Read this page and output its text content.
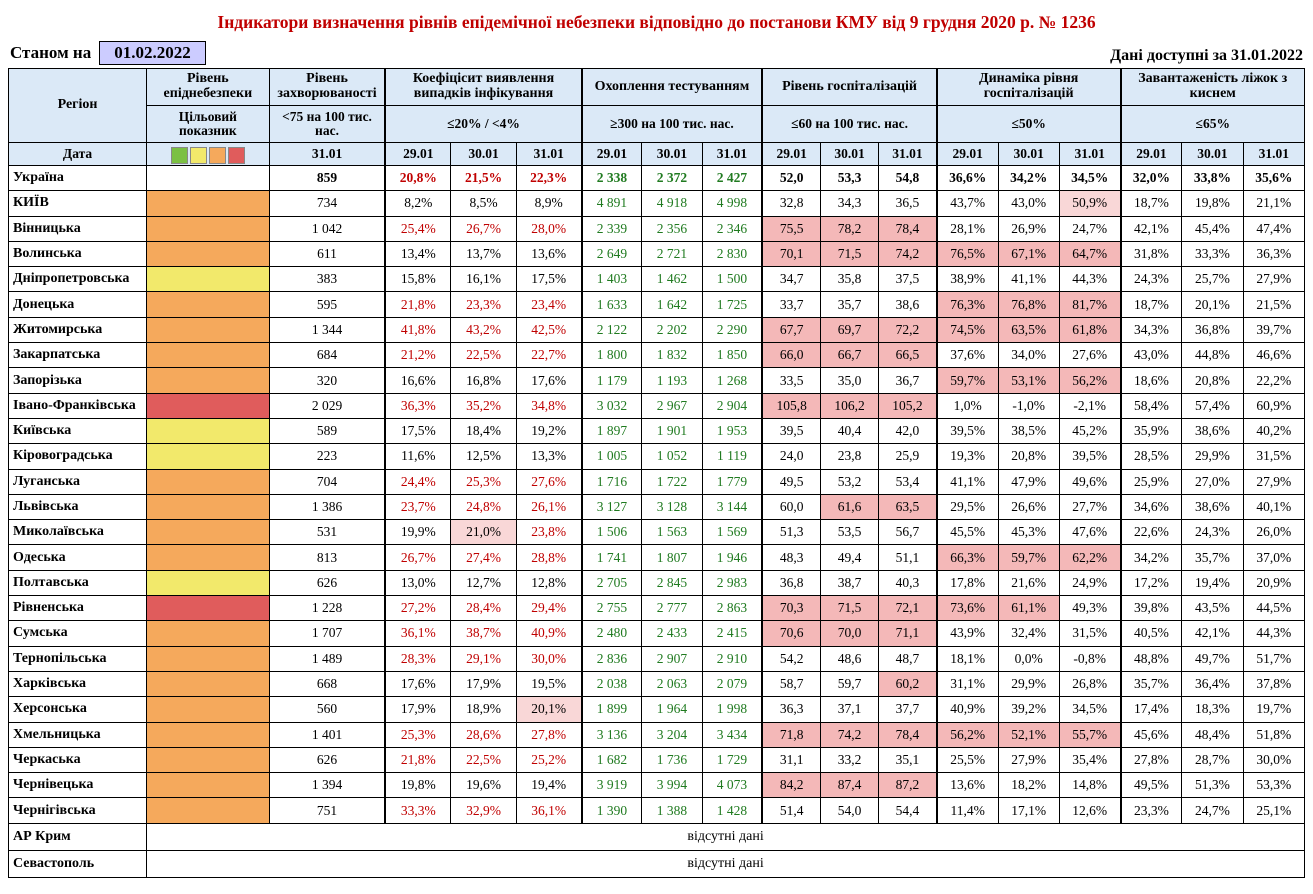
Індикатори визначення рівнів епідемічної небезпеки відповідно до постанови КМУ від 9 грудня 2020 р. № 1236
Станом на	01.02.2022	Дані доступні за 31.01.2022
Регіон	Рівень епіднебезпеки	Рівень захворюваності	Коефіцісит виявлення випадків інфікування			Охоплення тестуванням			Рівень госпіталізацій			Динаміка рівня госпіталізацій			Завантаженість ліжок з киснем		
	Цільовий показник	<75 на 100 тис. нас.	≤20% / <4%			≥300 на 100 тис. нас.			≤60 на 100 тис. нас.			≤50%			≤65%		
Дата		31.01	29.01	30.01	31.01	29.01	30.01	31.01	29.01	30.01	31.01	29.01	30.01	31.01	29.01	30.01	31.01
Україна		859	20,8%	21,5%	22,3%	2 338	2 372	2 427	52,0	53,3	54,8	36,6%	34,2%	34,5%	32,0%	33,8%	35,6%
КИЇВ		734	8,2%	8,5%	8,9%	4 891	4 918	4 998	32,8	34,3	36,5	43,7%	43,0%	50,9%	18,7%	19,8%	21,1%
Вінницька		1 042	25,4%	26,7%	28,0%	2 339	2 356	2 346	75,5	78,2	78,4	28,1%	26,9%	24,7%	42,1%	45,4%	47,4%
Волинська		611	13,4%	13,7%	13,6%	2 649	2 721	2 830	70,1	71,5	74,2	76,5%	67,1%	64,7%	31,8%	33,3%	36,3%
Дніпропетровська		383	15,8%	16,1%	17,5%	1 403	1 462	1 500	34,7	35,8	37,5	38,9%	41,1%	44,3%	24,3%	25,7%	27,9%
Донецька		595	21,8%	23,3%	23,4%	1 633	1 642	1 725	33,7	35,7	38,6	76,3%	76,8%	81,7%	18,7%	20,1%	21,5%
Житомирська		1 344	41,8%	43,2%	42,5%	2 122	2 202	2 290	67,7	69,7	72,2	74,5%	63,5%	61,8%	34,3%	36,8%	39,7%
Закарпатська		684	21,2%	22,5%	22,7%	1 800	1 832	1 850	66,0	66,7	66,5	37,6%	34,0%	27,6%	43,0%	44,8%	46,6%
Запорізька		320	16,6%	16,8%	17,6%	1 179	1 193	1 268	33,5	35,0	36,7	59,7%	53,1%	56,2%	18,6%	20,8%	22,2%
Івано-Франківська		2 029	36,3%	35,2%	34,8%	3 032	2 967	2 904	105,8	106,2	105,2	1,0%	-1,0%	-2,1%	58,4%	57,4%	60,9%
Київська		589	17,5%	18,4%	19,2%	1 897	1 901	1 953	39,5	40,4	42,0	39,5%	38,5%	45,2%	35,9%	38,6%	40,2%
Кіровоградська		223	11,6%	12,5%	13,3%	1 005	1 052	1 119	24,0	23,8	25,9	19,3%	20,8%	39,5%	28,5%	29,9%	31,5%
Луганська		704	24,4%	25,3%	27,6%	1 716	1 722	1 779	49,5	53,2	53,4	41,1%	47,9%	49,6%	25,9%	27,0%	27,9%
Львівська		1 386	23,7%	24,8%	26,1%	3 127	3 128	3 144	60,0	61,6	63,5	29,5%	26,6%	27,7%	34,6%	38,6%	40,1%
Миколаївська		531	19,9%	21,0%	23,8%	1 506	1 563	1 569	51,3	53,5	56,7	45,5%	45,3%	47,6%	22,6%	24,3%	26,0%
Одеська		813	26,7%	27,4%	28,8%	1 741	1 807	1 946	48,3	49,4	51,1	66,3%	59,7%	62,2%	34,2%	35,7%	37,0%
Полтавська		626	13,0%	12,7%	12,8%	2 705	2 845	2 983	36,8	38,7	40,3	17,8%	21,6%	24,9%	17,2%	19,4%	20,9%
Рівненська		1 228	27,2%	28,4%	29,4%	2 755	2 777	2 863	70,3	71,5	72,1	73,6%	61,1%	49,3%	39,8%	43,5%	44,5%
Сумська		1 707	36,1%	38,7%	40,9%	2 480	2 433	2 415	70,6	70,0	71,1	43,9%	32,4%	31,5%	40,5%	42,1%	44,3%
Тернопільська		1 489	28,3%	29,1%	30,0%	2 836	2 907	2 910	54,2	48,6	48,7	18,1%	0,0%	-0,8%	48,8%	49,7%	51,7%
Харківська		668	17,6%	17,9%	19,5%	2 038	2 063	2 079	58,7	59,7	60,2	31,1%	29,9%	26,8%	35,7%	36,4%	37,8%
Херсонська		560	17,9%	18,9%	20,1%	1 899	1 964	1 998	36,3	37,1	37,7	40,9%	39,2%	34,5%	17,4%	18,3%	19,7%
Хмельницька		1 401	25,3%	28,6%	27,8%	3 136	3 204	3 434	71,8	74,2	78,4	56,2%	52,1%	55,7%	45,6%	48,4%	51,8%
Черкаська		626	21,8%	22,5%	25,2%	1 682	1 736	1 729	31,1	33,2	35,1	25,5%	27,9%	35,4%	27,8%	28,7%	30,0%
Чернівецька		1 394	19,8%	19,6%	19,4%	3 919	3 994	4 073	84,2	87,4	87,2	13,6%	18,2%	14,8%	49,5%	51,3%	53,3%
Чернігівська		751	33,3%	32,9%	36,1%	1 390	1 388	1 428	51,4	54,0	54,4	11,4%	17,1%	12,6%	23,3%	24,7%	25,1%
АР Крим	відсутні дані																
Севастополь	відсутні дані																
